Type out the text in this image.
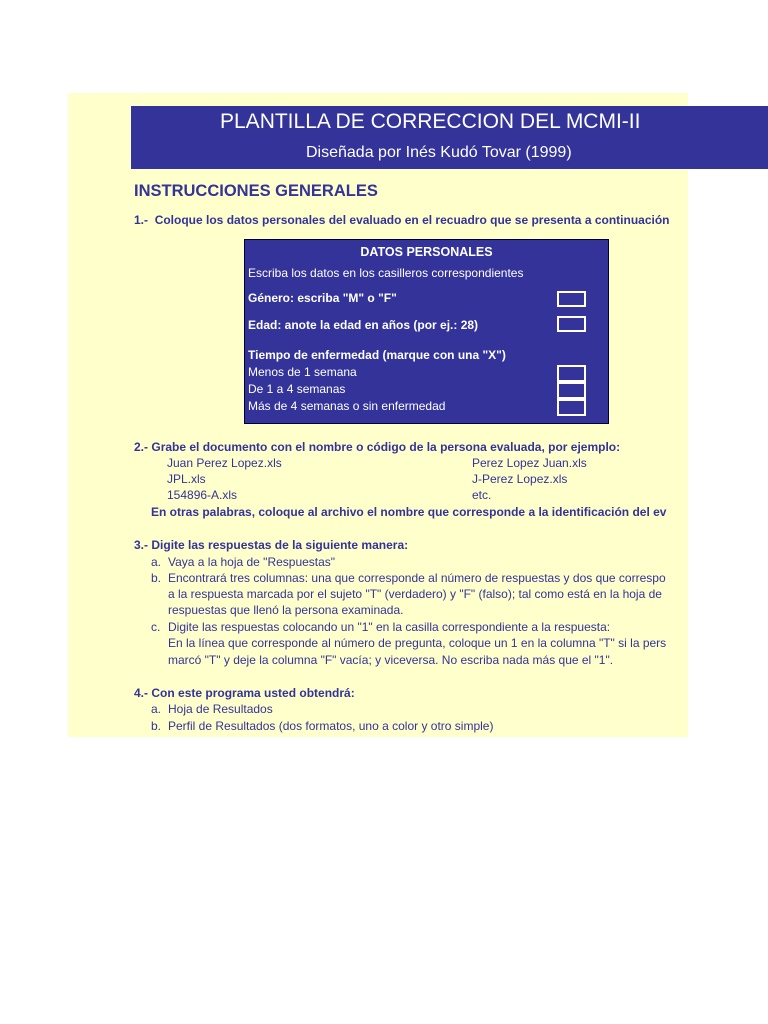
PLANTILLA DE CORRECCION DEL MCMI-II
Diseñada por Inés Kudó Tovar (1999)
INSTRUCCIONES GENERALES
1.- Coloque los datos personales del evaluado en el recuadro que se presenta a continuación
DATOS PERSONALES
Escriba los datos en los casilleros correspondientes
Género: escriba "M" o "F"
Edad: anote la edad en años (por ej.: 28)
Tiempo de enfermedad (marque con una "X")
Menos de 1 semana
De 1 a 4 semanas
Más de 4 semanas o sin enfermedad
2.- Grabe el documento con el nombre o código de la persona evaluada, por ejemplo:
Juan Perez Lopez.xls
JPL.xls
154896-A.xls
Perez Lopez Juan.xls
J-Perez Lopez.xls
etc.
En otras palabras, coloque al archivo el nombre que corresponde a la identificación del ev
3.- Digite las respuestas de la siguiente manera:
a. Vaya a la hoja de "Respuestas"
b. Encontrará tres columnas: una que corresponde al número de respuestas y dos que correspo
a la respuesta marcada por el sujeto "T" (verdadero) y "F" (falso); tal como está en la hoja de
respuestas que llenó la persona examinada.
c. Digite las respuestas colocando un "1" en la casilla correspondiente a la respuesta:
En la línea que corresponde al número de pregunta, coloque un 1 en la columna "T" si la pers
marcó "T" y deje la columna "F" vacía; y viceversa. No escriba nada más que el "1".
4.- Con este programa usted obtendrá:
a. Hoja de Resultados
b. Perfil de Resultados (dos formatos, uno a color y otro simple)
